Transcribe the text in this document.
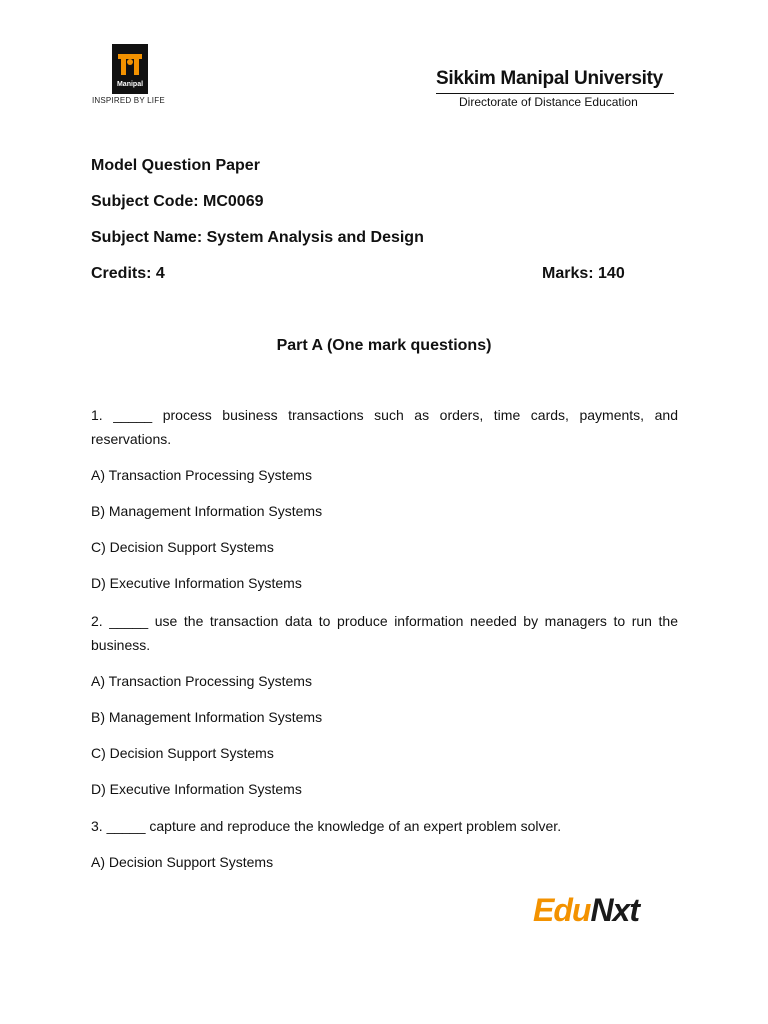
Manipal
INSPIRED BY LIFE
Sikkim Manipal University
Directorate of Distance Education
Model Question Paper
Subject Code: MC0069
Subject Name: System Analysis and Design
Credits: 4	Marks: 140
Part A (One mark questions)
1. _____ process business transactions such as orders, time cards, payments, and reservations.
A) Transaction Processing Systems
B) Management Information Systems
C) Decision Support Systems
D) Executive Information Systems
2. _____ use the transaction data to produce information needed by managers to run the business.
A) Transaction Processing Systems
B) Management Information Systems
C) Decision Support Systems
D) Executive Information Systems
3. _____ capture and reproduce the knowledge of an expert problem solver.
A) Decision Support Systems
EduNxt
